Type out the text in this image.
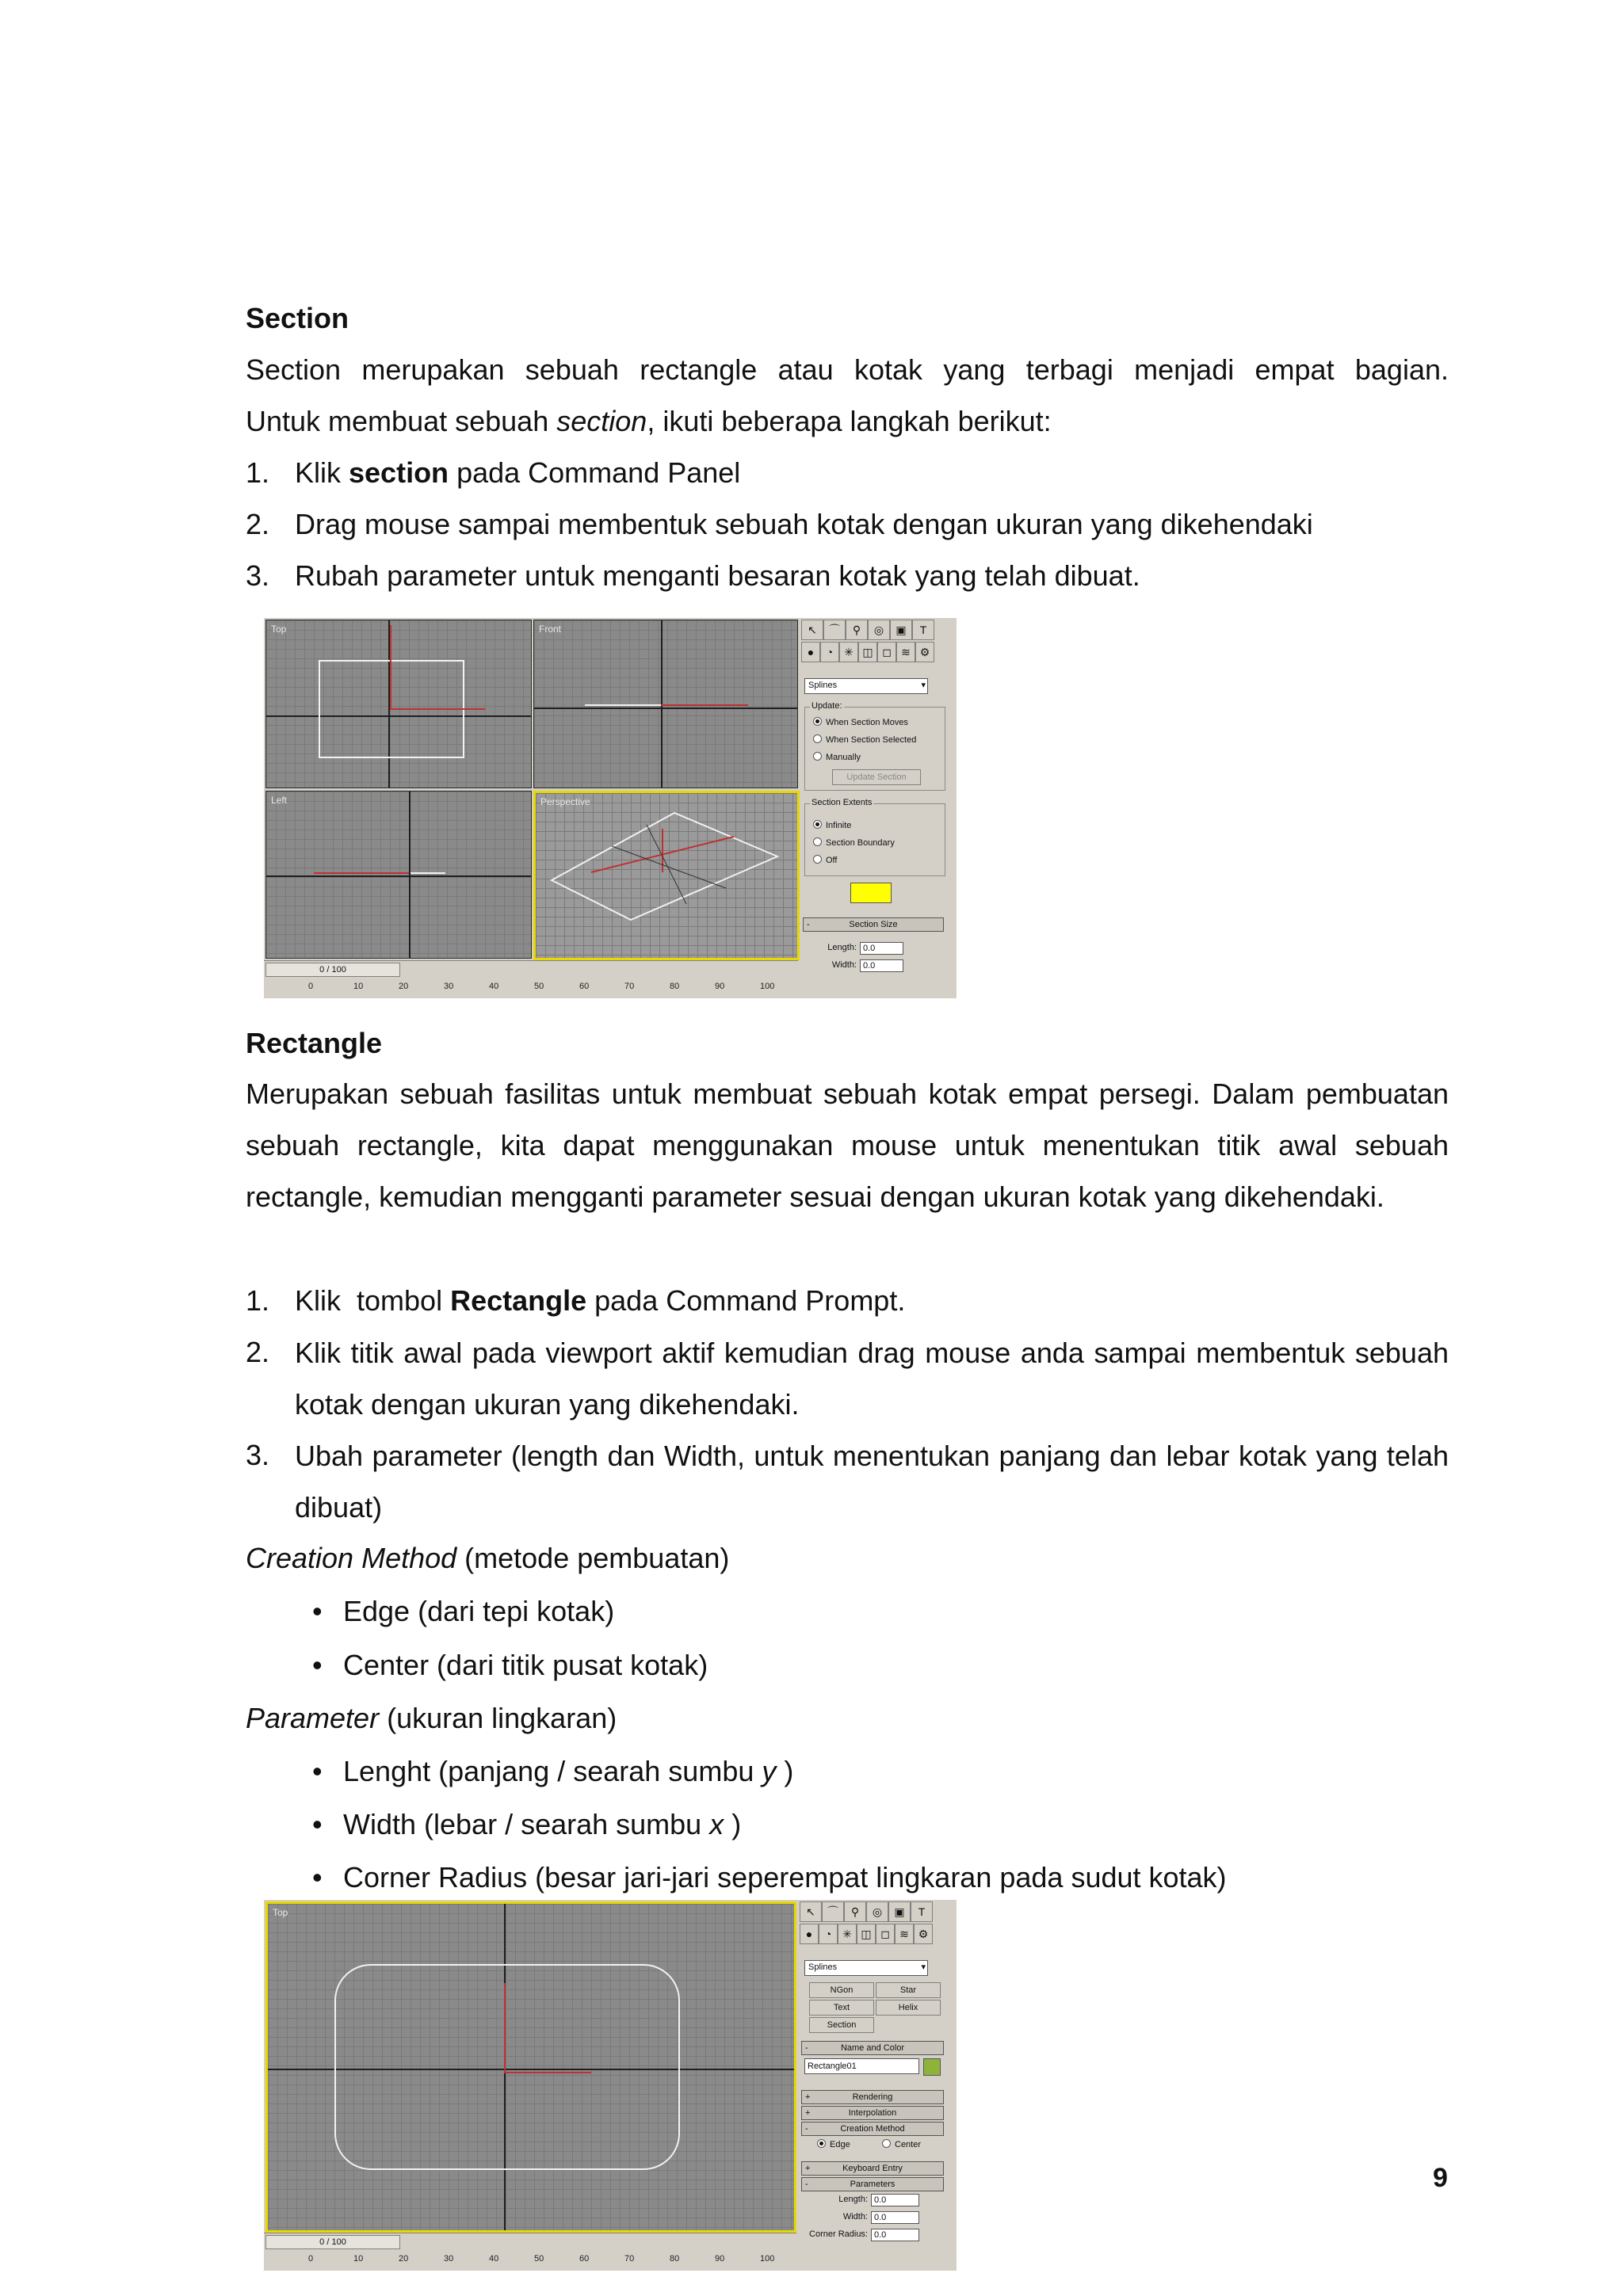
Section

Section merupakan sebuah rectangle atau kotak yang terbagi menjadi empat bagian.

Untuk membuat sebuah section, ikuti beberapa langkah berikut:

1. Klik section pada Command Panel
2. Drag mouse sampai membentuk sebuah kotak dengan ukuran yang dikehendaki
3. Rubah parameter untuk menganti besaran kotak yang telah dibuat.
Top	Front
Left	Perspective
↖	⌒	⚲	◎	▣	T
●	◔ ✳ ◫ ◻ ≋ ⚙
Splines	▾
Update:
When Section Moves
When Section Selected
Manually
Update Section
Section Extents
Infinite
Section Boundary
Off
-	Section Size
Length: 0.0
Width: 0.0
0 / 100
0	10	20	30	40	50	60	70	80	90	100

Rectangle

Merupakan sebuah fasilitas untuk membuat sebuah kotak empat persegi. Dalam pembuatan sebuah rectangle, kita dapat menggunakan mouse untuk menentukan titik awal sebuah rectangle, kemudian mengganti parameter sesuai dengan ukuran kotak yang dikehendaki.

1. Klik  tombol Rectangle pada Command Prompt.
2. Klik titik awal pada viewport aktif kemudian drag mouse anda sampai membentuk sebuah kotak dengan ukuran yang dikehendaki.
3. Ubah parameter (length dan Width, untuk menentukan panjang dan lebar kotak yang telah dibuat)
Creation Method (metode pembuatan)
• Edge (dari tepi kotak)
• Center (dari titik pusat kotak)
Parameter (ukuran lingkaran)
• Lenght (panjang / searah sumbu y )
• Width (lebar / searah sumbu x )
• Corner Radius (besar jari-jari seperempat lingkaran pada sudut kotak)
Top	↖	⌒	⚲	◎	▣	T
●	◔ ✳ ◫ ◻ ≋ ⚙
Splines	▾
NGon	Star
Text	Helix
Section
-	Name and Color
Rectangle01
+	Rendering
+	Interpolation
-	Creation Method
Edge	Center
+	Keyboard Entry
-	Parameters
Length: 0.0
Width: 0.0
Corner Radius: 0.0
0 / 100
0	10	20	30	40	50	60	70	80	90	100
9
